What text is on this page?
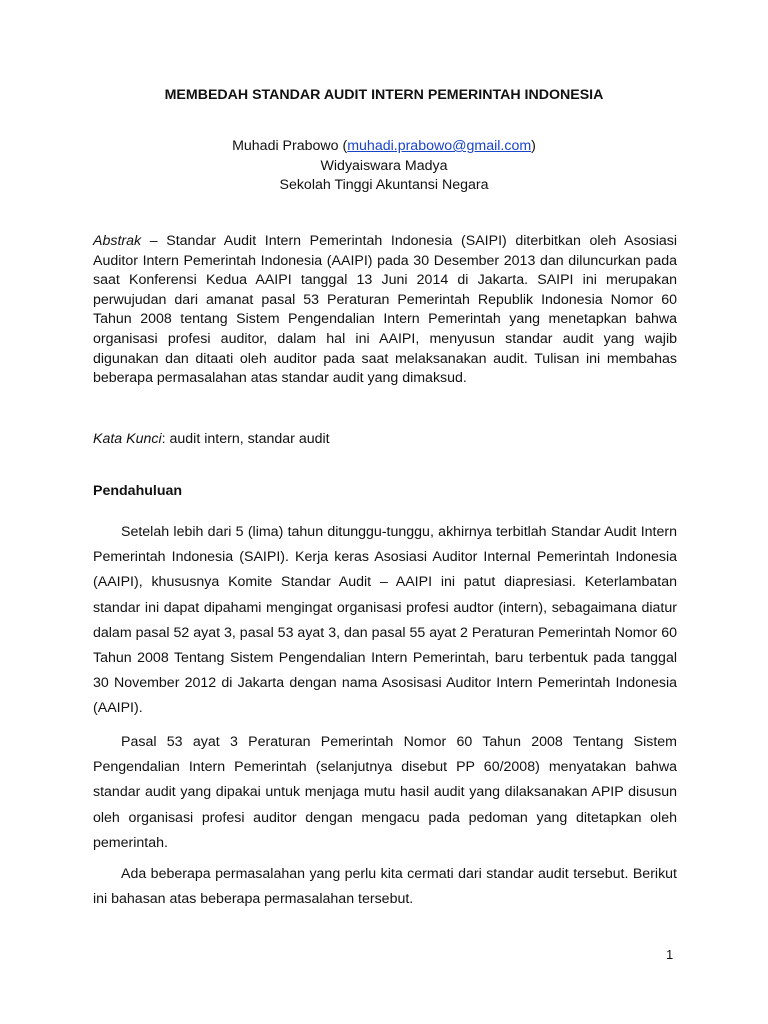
MEMBEDAH STANDAR AUDIT INTERN PEMERINTAH INDONESIA
Muhadi Prabowo (muhadi.prabowo@gmail.com)
Widyaiswara Madya
Sekolah Tinggi Akuntansi Negara

Abstrak – Standar Audit Intern Pemerintah Indonesia (SAIPI) diterbitkan oleh Asosiasi Auditor Intern Pemerintah Indonesia (AAIPI) pada 30 Desember 2013 dan diluncurkan pada saat Konferensi Kedua AAIPI tanggal 13 Juni 2014 di Jakarta. SAIPI ini merupakan perwujudan dari amanat pasal 53 Peraturan Pemerintah Republik Indonesia Nomor 60 Tahun 2008 tentang Sistem Pengendalian Intern Pemerintah yang menetapkan bahwa organisasi profesi auditor, dalam hal ini AAIPI, menyusun standar audit yang wajib digunakan dan ditaati oleh auditor pada saat melaksanakan audit. Tulisan ini membahas beberapa permasalahan atas standar audit yang dimaksud.

Kata Kunci: audit intern, standar audit

Pendahuluan

Setelah lebih dari 5 (lima) tahun ditunggu-tunggu, akhirnya terbitlah Standar Audit Intern Pemerintah Indonesia (SAIPI). Kerja keras Asosiasi Auditor Internal Pemerintah Indonesia (AAIPI), khususnya Komite Standar Audit – AAIPI ini patut diapresiasi. Keterlambatan standar ini dapat dipahami mengingat organisasi profesi audtor (intern), sebagaimana diatur dalam pasal 52 ayat 3, pasal 53 ayat 3, dan pasal 55 ayat 2 Peraturan Pemerintah Nomor 60 Tahun 2008 Tentang Sistem Pengendalian Intern Pemerintah, baru terbentuk pada tanggal 30 November 2012 di Jakarta dengan nama Asosisasi Auditor Intern Pemerintah Indonesia (AAIPI).

Pasal 53 ayat 3 Peraturan Pemerintah Nomor 60 Tahun 2008 Tentang Sistem Pengendalian Intern Pemerintah (selanjutnya disebut PP 60/2008) menyatakan bahwa standar audit yang dipakai untuk menjaga mutu hasil audit yang dilaksanakan APIP disusun oleh organisasi profesi auditor dengan mengacu pada pedoman yang ditetapkan oleh pemerintah.

Ada beberapa permasalahan yang perlu kita cermati dari standar audit tersebut. Berikut ini bahasan atas beberapa permasalahan tersebut.

1
